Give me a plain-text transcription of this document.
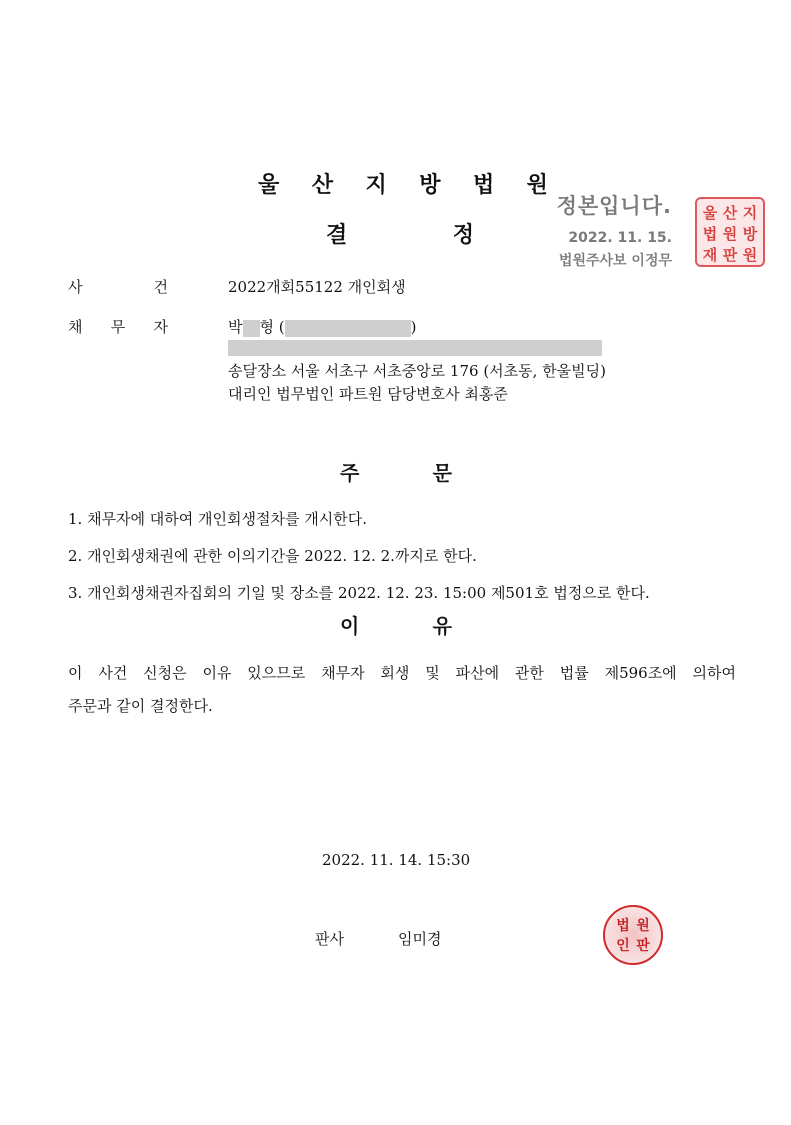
울 산 지 방 법 원
결	정
정본입니다.
2022. 11. 15.
법원주사보 이정무
울 산 지
법 원 방
재 판 원
사	건	2022개회55122 개인회생
채 무 자	박 형 (	)
송달장소 서울 서초구 서초중앙로 176 (서초동, 한울빌딩)
대리인 법무법인 파트원 담당변호사 최홍준
주	문
1. 채무자에 대하여 개인회생절차를 개시한다.
2. 개인회생채권에 관한 이의기간을 2022. 12. 2.까지로 한다.
3. 개인회생채권자집회의 기일 및 장소를 2022. 12. 23. 15:00 제501호 법정으로 한다.
이	유
이 사건 신청은 이유 있으므로 채무자 회생 및 파산에 관한 법률 제596조에 의하여
주문과 같이 결정한다.
2022. 11. 14. 15:30
판사	임미경
법 원
인 판
